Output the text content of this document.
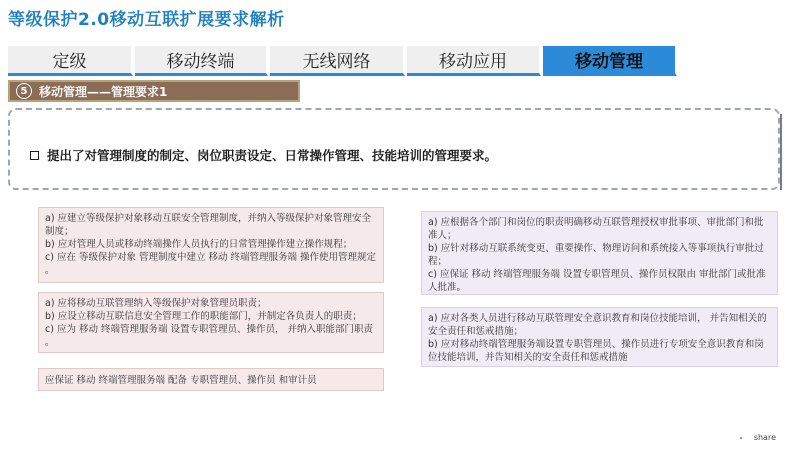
等级保护2.0移动互联扩展要求解析
定级	移动终端	无线网络	移动应用	移动管理
5 移动管理——管理要求1
提出了对管理制度的制定、岗位职责设定、日常操作管理、技能培训的管理要求。

a) 应建立等级保护对象移动互联安全管理制度，并纳入等级保护对象管理安全制度；

b) 应对管理人员或移动终端操作人员执行的日常管理操作建立操作规程；

c) 应在 等级保护对象 管理制度中建立 移动 终端管理服务端 操作使用管理规定 。

a) 应将移动互联管理纳入等级保护对象管理员职责；

b) 应设立移动互联信息安全管理工作的职能部门，并制定各负责人的职责；

c) 应为 移动 终端管理服务端 设置专职管理员、操作员， 并纳入职能部门职责 。

应保证 移动 终端管理服务端 配备 专职管理员、操作员 和审计员

a) 应根据各个部门和岗位的职责明确移动互联管理授权审批事项、审批部门和批准人；

b) 应针对移动互联系统变更、重要操作、物理访问和系统接入等事项执行审批过程；

c) 应保证 移动 终端管理服务端 设置专职管理员、操作员权限由 审批部门或批准人批准。

a) 应对各类人员进行移动互联管理安全意识教育和岗位技能培训， 并告知相关的安全责任和惩戒措施；

b) 应对移动终端管理服务端设置专职管理员、操作员进行专项安全意识教育和岗位技能培训，并告知相关的安全责任和惩戒措施

share
